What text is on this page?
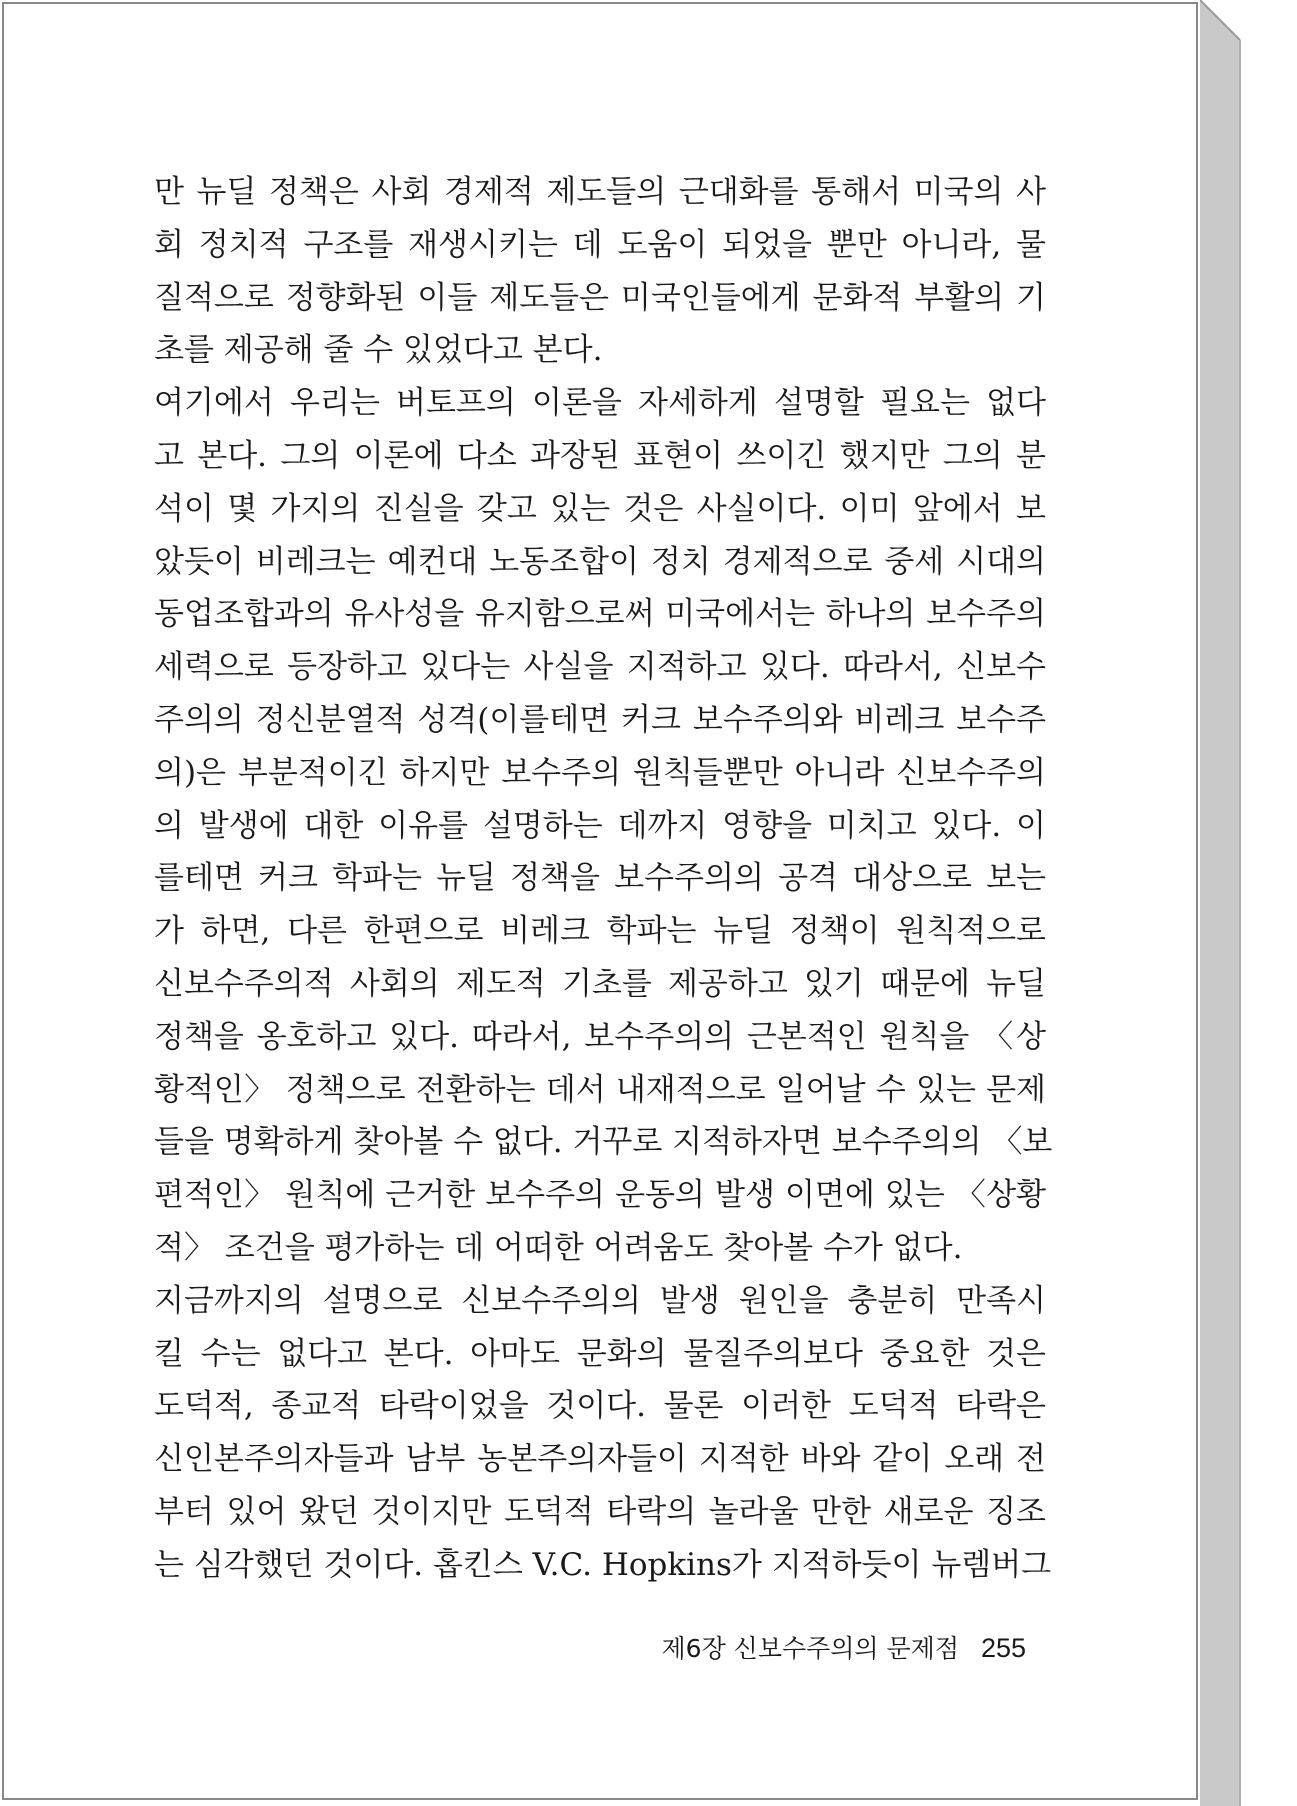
만 뉴딜 정책은 사회 경제적 제도들의 근대화를 통해서 미국의 사
회 정치적 구조를 재생시키는 데 도움이 되었을 뿐만 아니라, 물
질적으로 정향화된 이들 제도들은 미국인들에게 문화적 부활의 기
초를 제공해 줄 수 있었다고 본다.
여기에서 우리는 버토프의 이론을 자세하게 설명할 필요는 없다
고 본다. 그의 이론에 다소 과장된 표현이 쓰이긴 했지만 그의 분
석이 몇 가지의 진실을 갖고 있는 것은 사실이다. 이미 앞에서 보
았듯이 비레크는 예컨대 노동조합이 정치 경제적으로 중세 시대의
동업조합과의 유사성을 유지함으로써 미국에서는 하나의 보수주의
세력으로 등장하고 있다는 사실을 지적하고 있다. 따라서, 신보수
주의의 정신분열적 성격(이를테면 커크 보수주의와 비레크 보수주
의)은 부분적이긴 하지만 보수주의 원칙들뿐만 아니라 신보수주의
의 발생에 대한 이유를 설명하는 데까지 영향을 미치고 있다. 이
를테면 커크 학파는 뉴딜 정책을 보수주의의 공격 대상으로 보는
가 하면, 다른 한편으로 비레크 학파는 뉴딜 정책이 원칙적으로
신보수주의적 사회의 제도적 기초를 제공하고 있기 때문에 뉴딜
정책을 옹호하고 있다. 따라서, 보수주의의 근본적인 원칙을 〈상
황적인〉 정책으로 전환하는 데서 내재적으로 일어날 수 있는 문제
들을 명확하게 찾아볼 수 없다. 거꾸로 지적하자면 보수주의의 〈보
편적인〉 원칙에 근거한 보수주의 운동의 발생 이면에 있는 〈상황
적〉 조건을 평가하는 데 어떠한 어려움도 찾아볼 수가 없다.
지금까지의 설명으로 신보수주의의 발생 원인을 충분히 만족시
킬 수는 없다고 본다. 아마도 문화의 물질주의보다 중요한 것은
도덕적, 종교적 타락이었을 것이다. 물론 이러한 도덕적 타락은
신인본주의자들과 남부 농본주의자들이 지적한 바와 같이 오래 전
부터 있어 왔던 것이지만 도덕적 타락의 놀라울 만한 새로운 징조
는 심각했던 것이다. 홉킨스 V.C. Hopkins가 지적하듯이 뉴렘버그
제6장 신보수주의의 문제점 255
